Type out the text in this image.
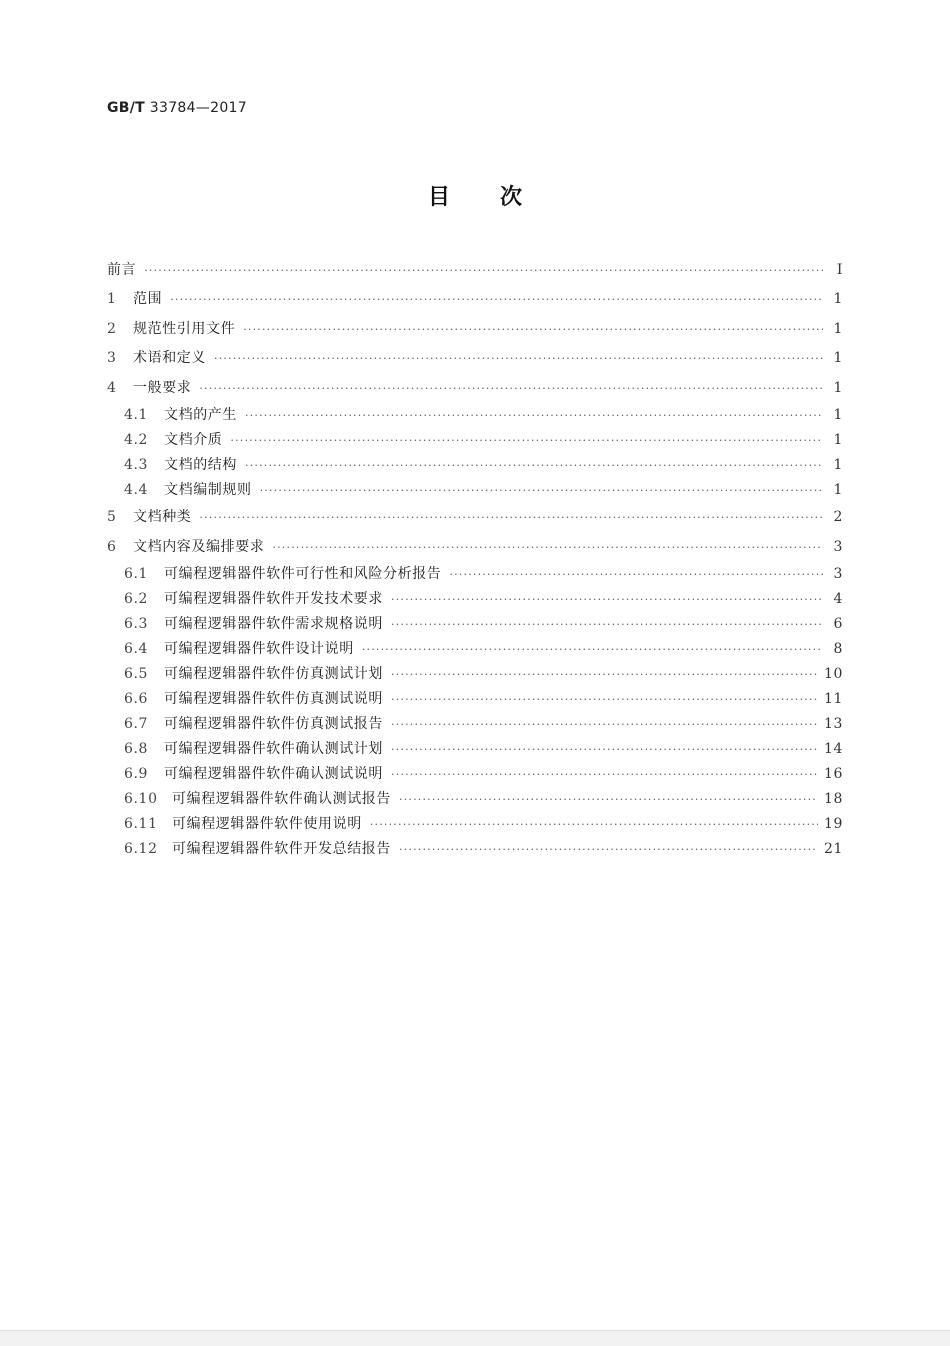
GB/T 33784—2017
目次
前言 ·····	Ⅰ
1	范围 ·····	1
2	规范性引用文件 ·····	1
3	术语和定义 ·····	1
4	一般要求 ·····	1
4.1	文档的产生 ·····	1
4.2	文档介质 ·····	1
4.3	文档的结构 ·····	1
4.4	文档编制规则 ·····	1
5	文档种类 ·····	2
6	文档内容及编排要求 ·····	3
6.1	可编程逻辑器件软件可行性和风险分析报告 ·····	3
6.2	可编程逻辑器件软件开发技术要求 ·····	4
6.3	可编程逻辑器件软件需求规格说明 ·····	6
6.4	可编程逻辑器件软件设计说明 ·····	8
6.5	可编程逻辑器件软件仿真测试计划 ·····	10
6.6	可编程逻辑器件软件仿真测试说明 ·····	11
6.7	可编程逻辑器件软件仿真测试报告 ·····	13
6.8	可编程逻辑器件软件确认测试计划 ·····	14
6.9	可编程逻辑器件软件确认测试说明 ·····	16
6.10	可编程逻辑器件软件确认测试报告 ·····	18
6.11	可编程逻辑器件软件使用说明 ·····	19
6.12	可编程逻辑器件软件开发总结报告 ·····	21
